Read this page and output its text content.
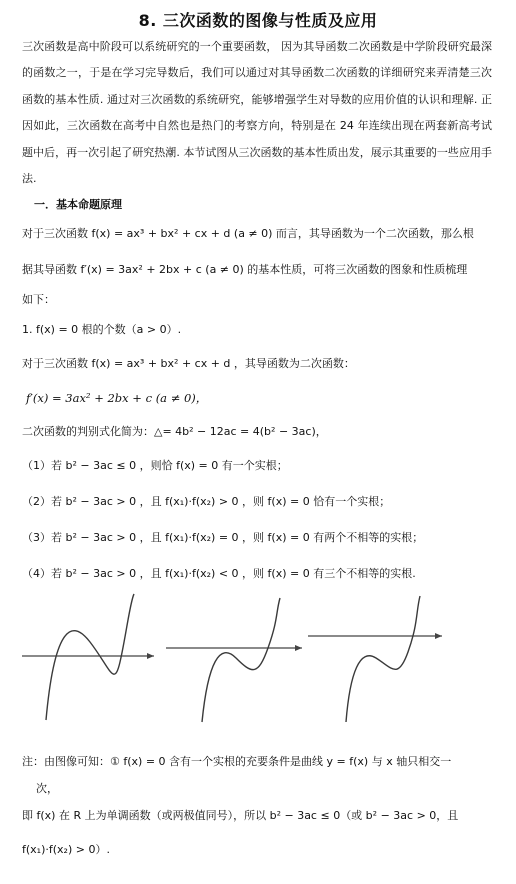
8. 三次函数的图像与性质及应用
三次函数是高中阶段可以系统研究的一个重要函数， 因为其导函数二次函数是中学阶段研究最深的函数之一，于是在学习完导数后，我们可以通过对其导函数二次函数的详细研究来弄清楚三次函数的基本性质. 通过对三次函数的系统研究，能够增强学生对导数的应用价值的认识和理解. 正因如此，三次函数在高考中自然也是热门的考察方向，特别是在 24 年连续出现在两套新高考试题中后，再一次引起了研究热潮. 本节试图从三次函数的基本性质出发，展示其重要的一些应用手法.
一．基本命题原理
对于三次函数 f(x) = ax³ + bx² + cx + d (a ≠ 0) 而言，其导函数为一个二次函数，那么根
据其导函数 f′(x) = 3ax² + 2bx + c (a ≠ 0) 的基本性质，可将三次函数的图象和性质梳理
如下：
1. f(x) = 0 根的个数（a > 0）.
对于三次函数 f(x) = ax³ + bx² + cx + d ，其导函数为二次函数：
f′(x) = 3ax² + 2bx + c (a ≠ 0)，
二次函数的判别式化简为：△= 4b² − 12ac = 4(b² − 3ac)，
（1）若 b² − 3ac ≤ 0 ，则恰 f(x) = 0 有一个实根；
（2）若 b² − 3ac > 0 ，且 f(x₁)·f(x₂) > 0 ，则 f(x) = 0 恰有一个实根；
（3）若 b² − 3ac > 0 ，且 f(x₁)·f(x₂) = 0 ，则 f(x) = 0 有两个不相等的实根；
（4）若 b² − 3ac > 0 ，且 f(x₁)·f(x₂) < 0 ，则 f(x) = 0 有三个不相等的实根.
注：由图像可知：① f(x) = 0 含有一个实根的充要条件是曲线 y = f(x) 与 x 轴只相交一
次，
即 f(x) 在 R 上为单调函数（或两极值同号），所以 b² − 3ac ≤ 0（或 b² − 3ac > 0，且
f(x₁)·f(x₂) > 0）.
